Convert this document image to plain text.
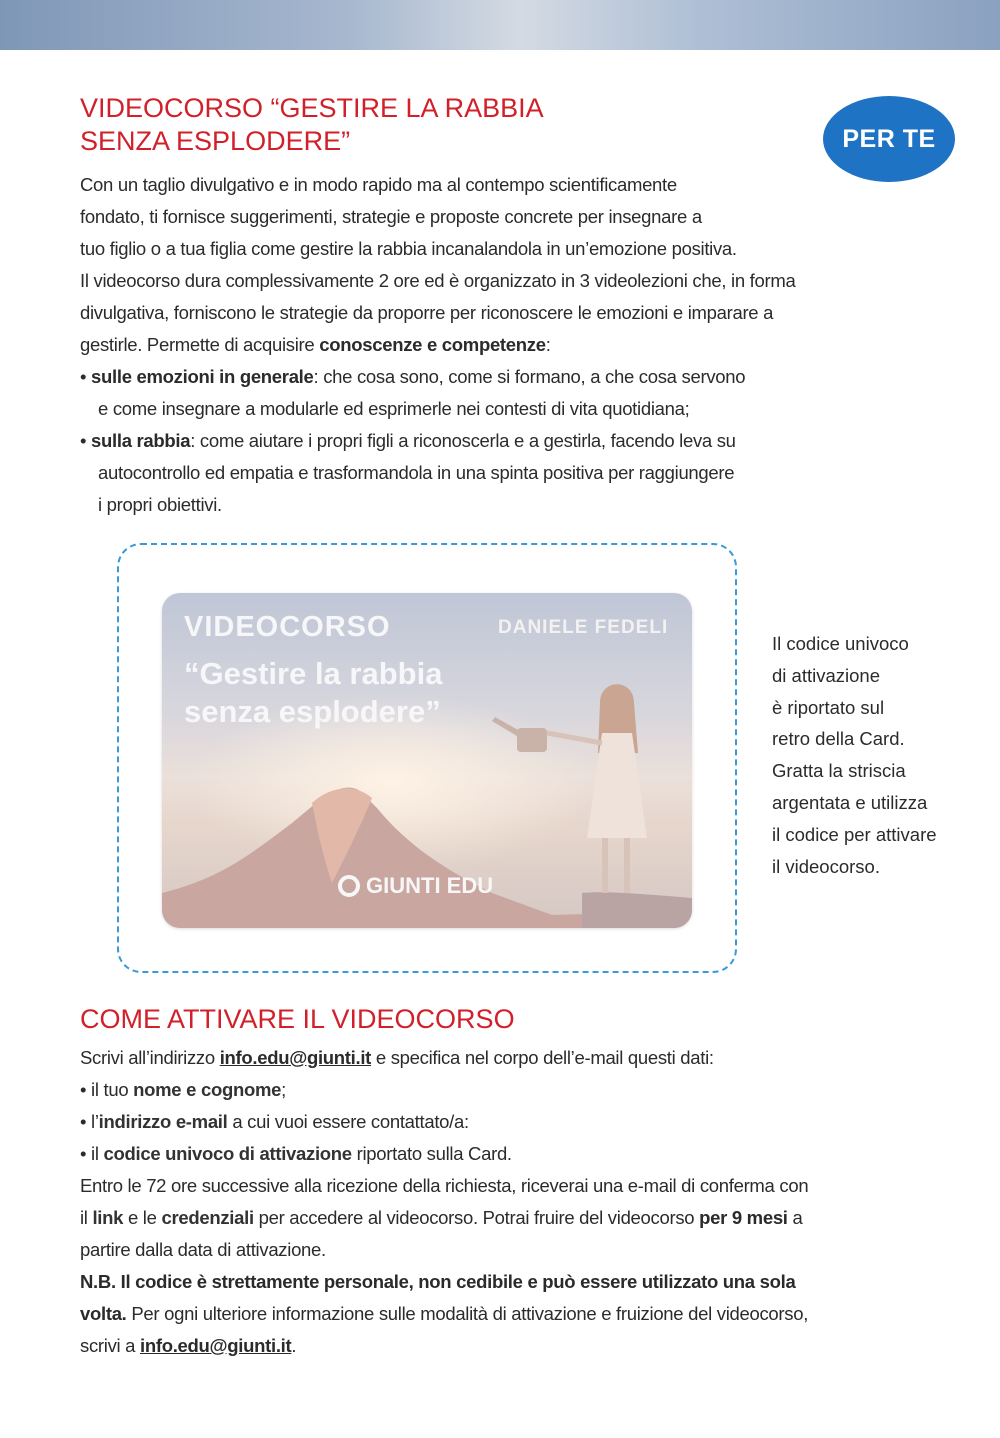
PER TE
VIDEOCORSO “GESTIRE LA RABBIA
SENZA ESPLODERE”
Con un taglio divulgativo e in modo rapido ma al contempo scientificamente
fondato, ti fornisce suggerimenti, strategie e proposte concrete per insegnare a
tuo figlio o a tua figlia come gestire la rabbia incanalandola in un’emozione positiva.
Il videocorso dura complessivamente 2 ore ed è organizzato in 3 videolezioni che, in forma
divulgativa, forniscono le strategie da proporre per riconoscere le emozioni e imparare a
gestirle. Permette di acquisire conoscenze e competenze:
• sulle emozioni in generale: che cosa sono, come si formano, a che cosa servono
e come insegnare a modularle ed esprimerle nei contesti di vita quotidiana;
• sulla rabbia: come aiutare i propri figli a riconoscerla e a gestirla, facendo leva su
autocontrollo ed empatia e trasformandola in una spinta positiva per raggiungere
i propri obiettivi.
VIDEOCORSO
“Gestire la rabbia
senza esplodere”
DANIELE FEDELI
GIUNTI EDU
Il codice univoco
di attivazione
è riportato sul
retro della Card.
Gratta la striscia
argentata e utilizza
il codice per attivare
il videocorso.
COME ATTIVARE IL VIDEOCORSO
Scrivi all’indirizzo info.edu@giunti.it e specifica nel corpo dell’e-mail questi dati:
• il tuo nome e cognome;
• l’indirizzo e-mail a cui vuoi essere contattato/a:
• il codice univoco di attivazione riportato sulla Card.
Entro le 72 ore successive alla ricezione della richiesta, riceverai una e-mail di conferma con
il link e le credenziali per accedere al videocorso. Potrai fruire del videocorso per 9 mesi a
partire dalla data di attivazione.
N.B. Il codice è strettamente personale, non cedibile e può essere utilizzato una sola
volta. Per ogni ulteriore informazione sulle modalità di attivazione e fruizione del videocorso,
scrivi a info.edu@giunti.it.
